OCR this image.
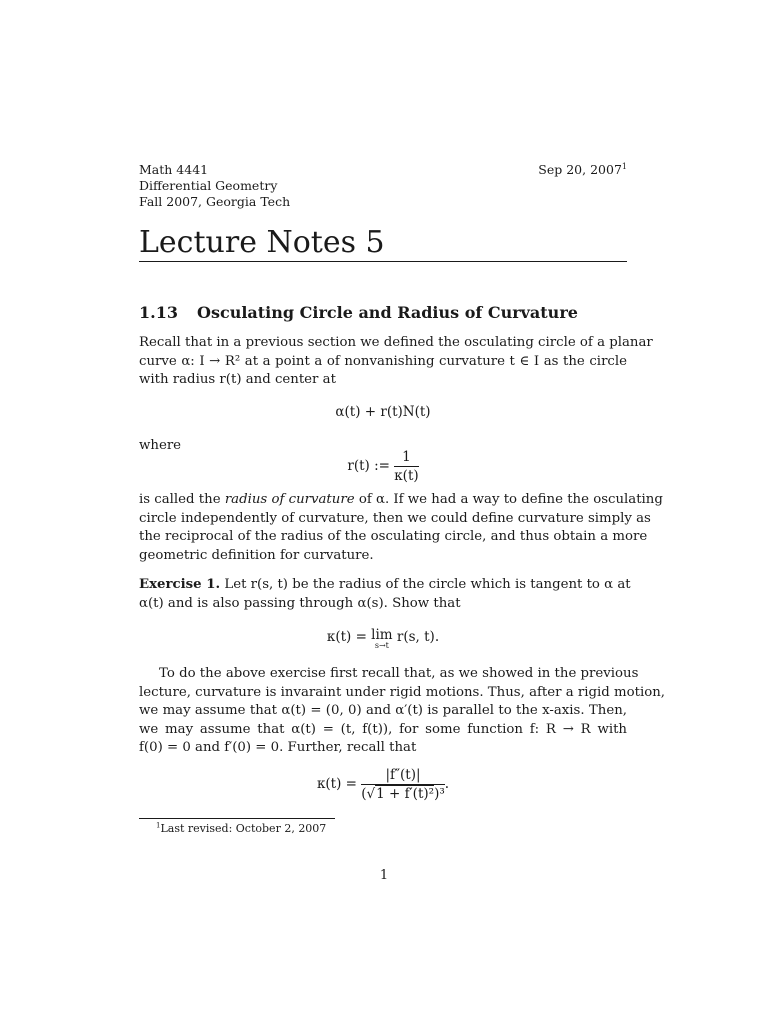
Math 4441
Differential Geometry
Fall 2007, Georgia Tech
Sep 20, 2007$^1$
Lecture Notes 5
1.13 Osculating Circle and Radius of Curvature
Recall that in a previous section we defined the osculating circle of a planar
curve α: I → R² at a point a of nonvanishing curvature t ∈ I as the circle
with radius r(t) and center at
α(t) + r(t)N(t)
where
r(t) := $\frac{1}{\kappa(t)}$
is called the radius of curvature of α. If we had a way to define the osculating
circle independently of curvature, then we could define curvature simply as
the reciprocal of the radius of the osculating circle, and thus obtain a more
geometric definition for curvature.
Exercise 1. Let r(s, t) be the radius of the circle which is tangent to α at
α(t) and is also passing through α(s). Show that
κ(t) = lim
s→t
r(s, t).
To do the above exercise first recall that, as we showed in the previous
lecture, curvature is invaraint under rigid motions. Thus, after a rigid motion,
we may assume that α(t) = (0, 0) and α′(t) is parallel to the x-axis. Then,
we may assume that α(t) = (t, f(t)), for some function f: R → R with
f(0) = 0 and f′(0) = 0. Further, recall that
$\kappa(t) = \frac{|f''(t)|}{\text{(√1 + f′(t)²)³}}$ .
$^1$Last revised: October 2, 2007
1
